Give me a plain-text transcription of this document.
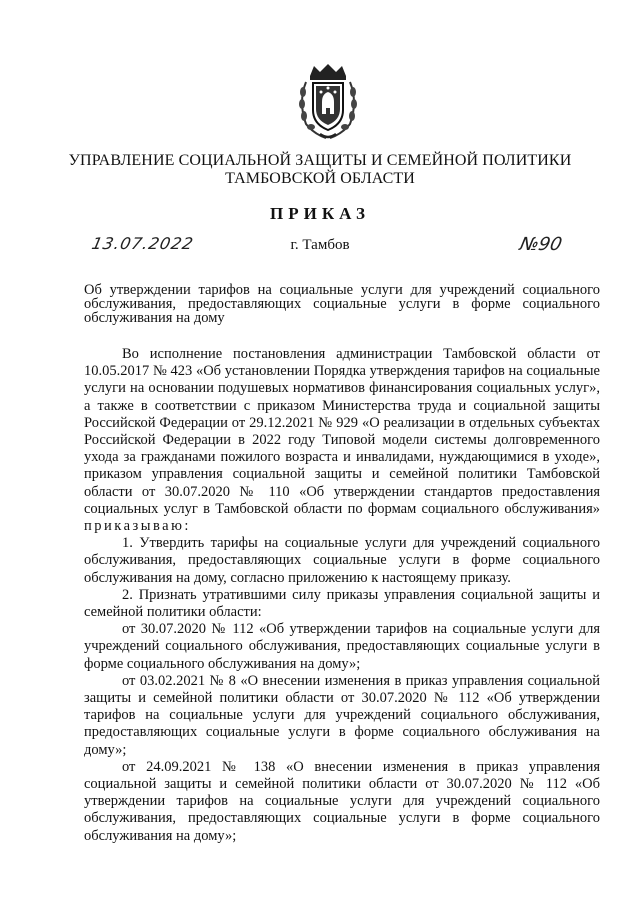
УПРАВЛЕНИЕ СОЦИАЛЬНОЙ ЗАЩИТЫ И СЕМЕЙНОЙ ПОЛИТИКИ
ТАМБОВСКОЙ ОБЛАСТИ
ПРИКАЗ
13.07.2022	г. Тамбов	№90
Об утверждении тарифов на социальные услуги для учреждений социального обслуживания, предоставляющих социальные услуги в форме социального обслуживания на дому

Во исполнение постановления администрации Тамбовской области от 10.05.2017 № 423 «Об установлении Порядка утверждения тарифов на социальные услуги на основании подушевых нормативов финансирования социальных услуг», а также в соответствии с приказом Министерства труда и социальной защиты Российской Федерации от 29.12.2021 № 929 «О реализации в отдельных субъектах Российской Федерации в 2022 году Типовой модели системы долговременного ухода за гражданами пожилого возраста и инвалидами, нуждающимися в уходе», приказом управления социальной защиты и семейной политики Тамбовской области от 30.07.2020 № 110 «Об утверждении стандартов предоставления социальных услуг в Тамбовской области по формам социального обслуживания» приказываю:

1. Утвердить тарифы на социальные услуги для учреждений социального обслуживания, предоставляющих социальные услуги в форме социального обслуживания на дому, согласно приложению к настоящему приказу.

2. Признать утратившими силу приказы управления социальной защиты и семейной политики области:

от 30.07.2020 № 112 «Об утверждении тарифов на социальные услуги для учреждений социального обслуживания, предоставляющих социальные услуги в форме социального обслуживания на дому»;

от 03.02.2021 № 8 «О внесении изменения в приказ управления социальной защиты и семейной политики области от 30.07.2020 № 112 «Об утверждении тарифов на социальные услуги для учреждений социального обслуживания, предоставляющих социальные услуги в форме социального обслуживания на дому»;

от 24.09.2021 № 138 «О внесении изменения в приказ управления социальной защиты и семейной политики области от 30.07.2020 № 112 «Об утверждении тарифов на социальные услуги для учреждений социального обслуживания, предоставляющих социальные услуги в форме социального обслуживания на дому»;
